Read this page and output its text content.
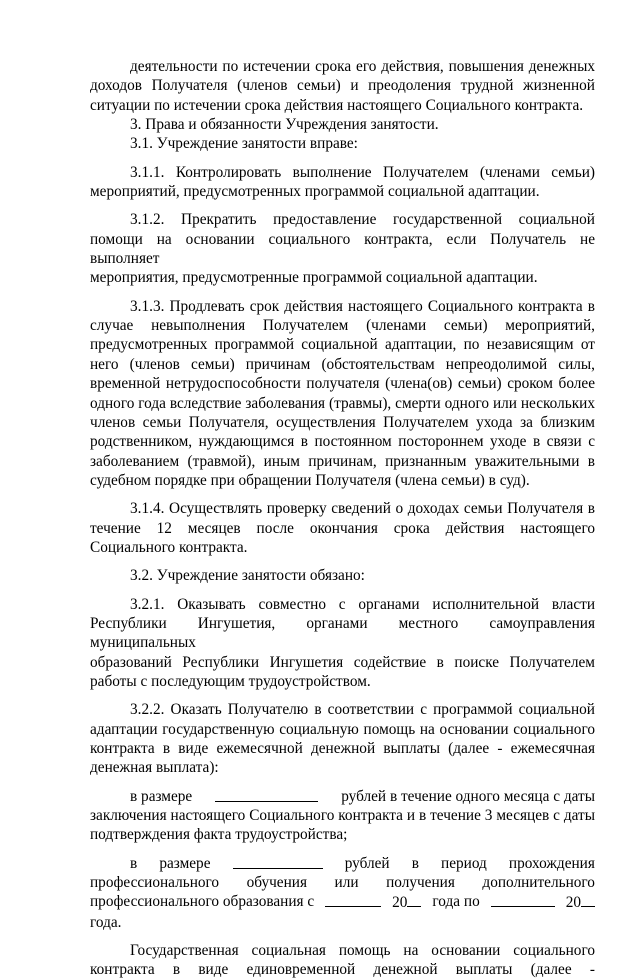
деятельности по истечении срока его действия, повышения денежных
доходов Получателя (членов семьи) и преодоления трудной жизненной
ситуации по истечении срока действия настоящего Социального контракта.
3. Права и обязанности Учреждения занятости.
3.1. Учреждение занятости вправе:
3.1.1. Контролировать выполнение Получателем (членами семьи)
мероприятий, предусмотренных программой социальной адаптации.
3.1.2. Прекратить предоставление государственной социальной
помощи на основании социального контракта, если Получатель не выполняет
мероприятия, предусмотренные программой социальной адаптации.
3.1.3. Продлевать срок действия настоящего Социального контракта в
случае невыполнения Получателем (членами семьи) мероприятий,
предусмотренных программой социальной адаптации, по независящим от
него (членов семьи) причинам (обстоятельствам непреодолимой силы,
временной нетрудоспособности получателя (члена(ов) семьи) сроком более
одного года вследствие заболевания (травмы), смерти одного или нескольких
членов семьи Получателя, осуществления Получателем ухода за близким
родственником, нуждающимся в постоянном постороннем уходе в связи с
заболеванием (травмой), иным причинам, признанным уважительными в
судебном порядке при обращении Получателя (члена семьи) в суд).
3.1.4. Осуществлять проверку сведений о доходах семьи Получателя в
течение 12 месяцев после окончания срока действия настоящего
Социального контракта.
3.2. Учреждение занятости обязано:
3.2.1. Оказывать совместно с органами исполнительной власти
Республики Ингушетия, органами местного самоуправления муниципальных
образований Республики Ингушетия содействие в поиске Получателем
работы с последующим трудоустройством.
3.2.2. Оказать Получателю в соответствии с программой социальной
адаптации государственную социальную помощь на основании социального
контракта в виде ежемесячной денежной выплаты (далее - ежемесячная
денежная выплата):
в размере	рублей в течение одного месяца с даты
заключения настоящего Социального контракта и в течение 3 месяцев с даты
подтверждения факта трудоустройства;
в размере	рублей в период прохождения
профессионального обучения или получения дополнительного
профессионального образования с	20	года по	20
года.
Государственная социальная помощь на основании социального
контракта в виде единовременной денежной выплаты (далее -
